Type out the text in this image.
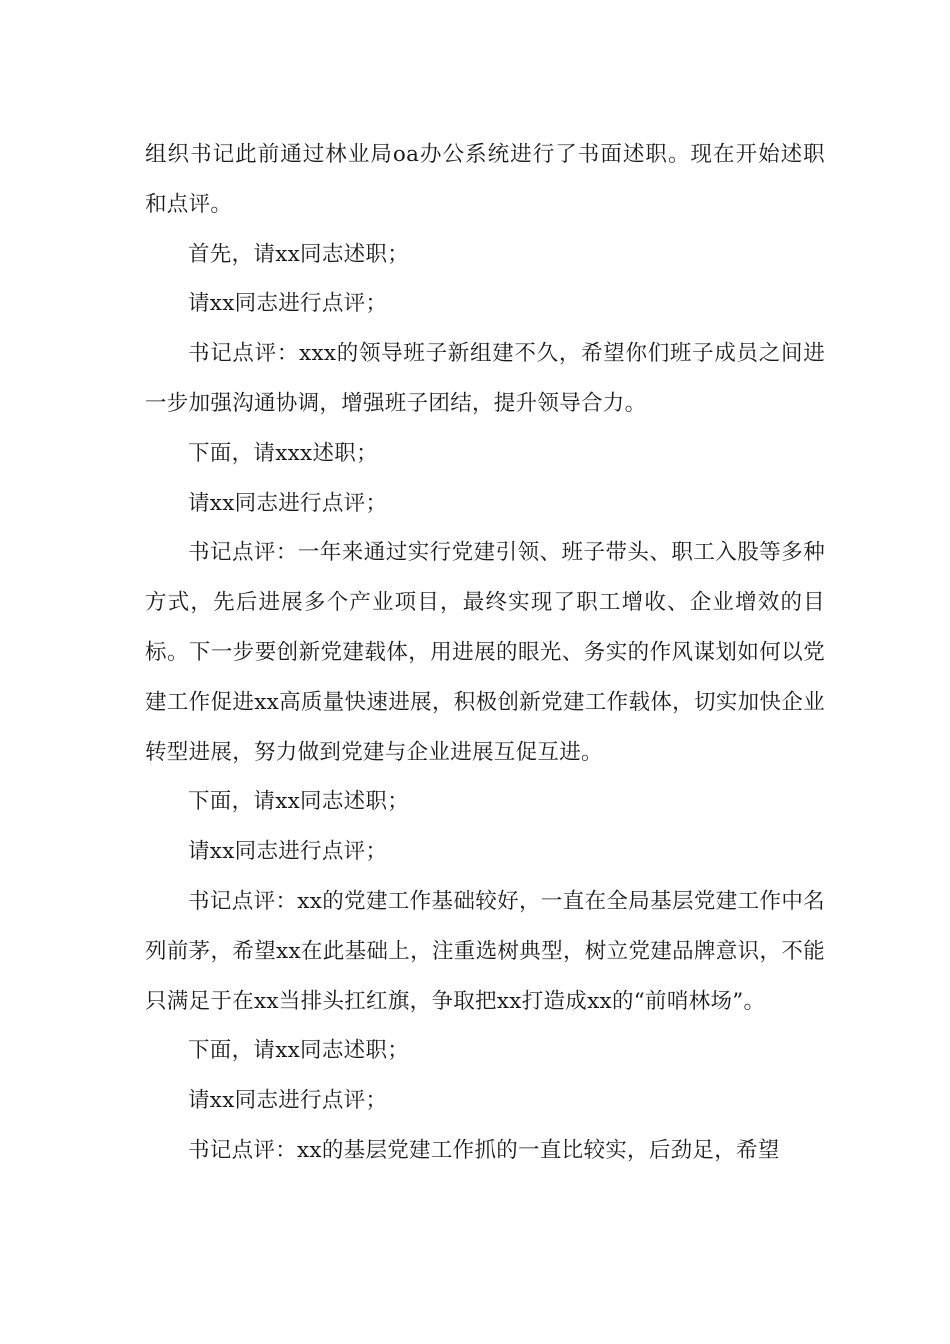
组织书记此前通过林业局oa办公系统进行了书面述职。现在开始述职和点评。

首先，请xx同志述职；

请xx同志进行点评；

书记点评：xxx的领导班子新组建不久，希望你们班子成员之间进一步加强沟通协调，增强班子团结，提升领导合力。

下面，请xxx述职；

请xx同志进行点评；

书记点评：一年来通过实行党建引领、班子带头、职工入股等多种方式，先后进展多个产业项目，最终实现了职工增收、企业增效的目标。下一步要创新党建载体，用进展的眼光、务实的作风谋划如何以党建工作促进xx高质量快速进展，积极创新党建工作载体，切实加快企业转型进展，努力做到党建与企业进展互促互进。

下面，请xx同志述职；

请xx同志进行点评；

书记点评：xx的党建工作基础较好，一直在全局基层党建工作中名列前茅，希望xx在此基础上，注重选树典型，树立党建品牌意识，不能只满足于在xx当排头扛红旗，争取把xx打造成xx的“前哨林场”。

下面，请xx同志述职；

请xx同志进行点评；

书记点评：xx的基层党建工作抓的一直比较实，后劲足，希望
